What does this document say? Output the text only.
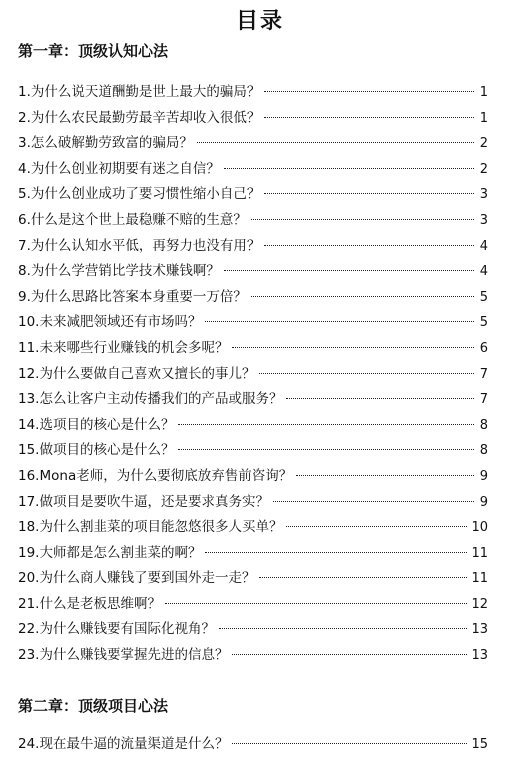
目录
第一章：顶级认知心法
1. 为什么说天道酬勤是世上最大的骗局？	1
2. 为什么农民最勤劳最辛苦却收入很低？	1
3. 怎么破解勤劳致富的骗局？	2
4. 为什么创业初期要有迷之自信？	2
5. 为什么创业成功了要习惯性缩小自己？	3
6. 什么是这个世上最稳赚不赔的生意？	3
7. 为什么认知水平低，再努力也没有用？	4
8. 为什么学营销比学技术赚钱啊？	4
9. 为什么思路比答案本身重要一万倍？	5
10. 未来减肥领域还有市场吗？	5
11. 未来哪些行业赚钱的机会多呢？	6
12. 为什么要做自己喜欢又擅长的事儿？	7
13. 怎么让客户主动传播我们的产品或服务？	7
14. 选项目的核心是什么？	8
15. 做项目的核心是什么？	8
16. Mona老师，为什么要彻底放弃售前咨询？	9
17. 做项目是要吹牛逼，还是要求真务实？	9
18. 为什么割韭菜的项目能忽悠很多人买单？	10
19. 大师都是怎么割韭菜的啊？	11
20. 为什么商人赚钱了要到国外走一走？	11
21. 什么是老板思维啊？	12
22. 为什么赚钱要有国际化视角？	13
23. 为什么赚钱要掌握先进的信息？	13
第二章：顶级项目心法
24. 现在最牛逼的流量渠道是什么？	15
